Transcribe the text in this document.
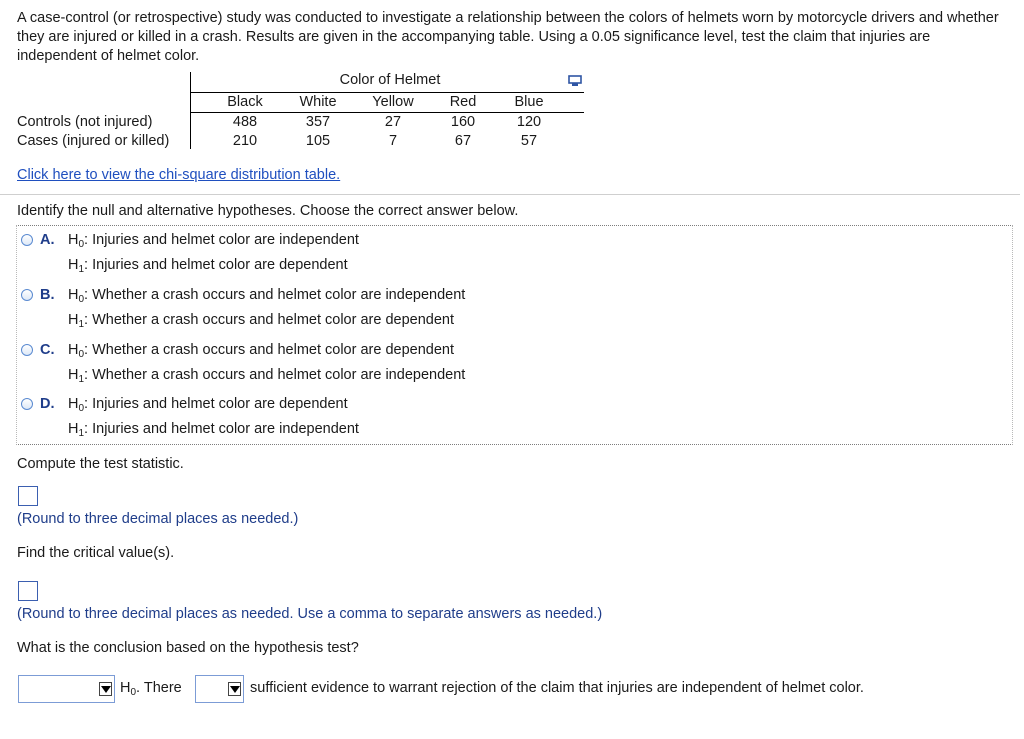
A case-control (or retrospective) study was conducted to investigate a relationship between the colors of helmets worn by motorcycle drivers and whether they are injured or killed in a crash. Results are given in the accompanying table. Using a 0.05 significance level, test the claim that injuries are independent of helmet color.
Color of Helmet
Black	White	Yellow	Red	Blue
Controls (not injured)	488	357	27	160	120
Cases (injured or killed)	210	105	7	67	57
Click here to view the chi-square distribution table.
Identify the null and alternative hypotheses. Choose the correct answer below.
A. $H_0$: Injuries and helmet color are independent
$H_1$: Injuries and helmet color are dependent
B. $H_0$: Whether a crash occurs and helmet color are independent
$H_1$: Whether a crash occurs and helmet color are dependent
C. $H_0$: Whether a crash occurs and helmet color are dependent
$H_1$: Whether a crash occurs and helmet color are independent
D. $H_0$: Injuries and helmet color are dependent
$H_1$: Injuries and helmet color are independent
Compute the test statistic.
(Round to three decimal places as needed.)
Find the critical value(s).
(Round to three decimal places as needed. Use a comma to separate answers as needed.)
What is the conclusion based on the hypothesis test?
$H_0$. There	sufficient evidence to warrant rejection of the claim that injuries are independent of helmet color.
